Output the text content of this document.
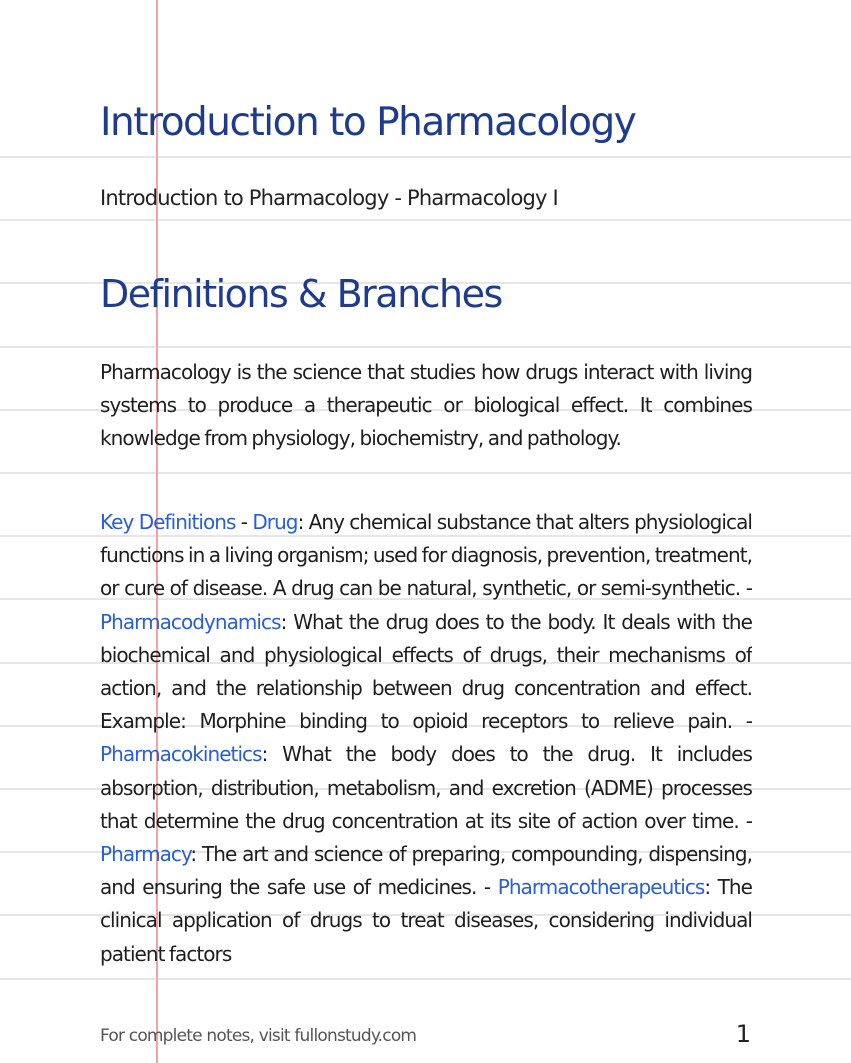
Introduction to Pharmacology
Introduction to Pharmacology - Pharmacology I
Definitions & Branches

Pharmacology is the science that studies how drugs interact with living systems to produce a therapeutic or biological effect. It combines knowledge from physiology, biochemistry, and pathology.

Key Definitions - Drug: Any chemical substance that alters physiological functions in a living organism; used for diagnosis, prevention, treatment, or cure of disease. A drug can be natural, synthetic, or semi-synthetic. - Pharmacodynamics: What the drug does to the body. It deals with the biochemical and physiological effects of drugs, their mechanisms of action, and the relationship between drug concentration and effect. Example: Morphine binding to opioid receptors to relieve pain. - Pharmacokinetics: What the body does to the drug. It includes absorption, distribution, metabolism, and excretion (ADME) processes that determine the drug concentration at its site of action over time. - Pharmacy: The art and science of preparing, compounding, dispensing, and ensuring the safe use of medicines. - Pharmacotherapeutics: The clinical application of drugs to treat diseases, considering individual patient factors

For complete notes, visit fullonstudy.com	1
